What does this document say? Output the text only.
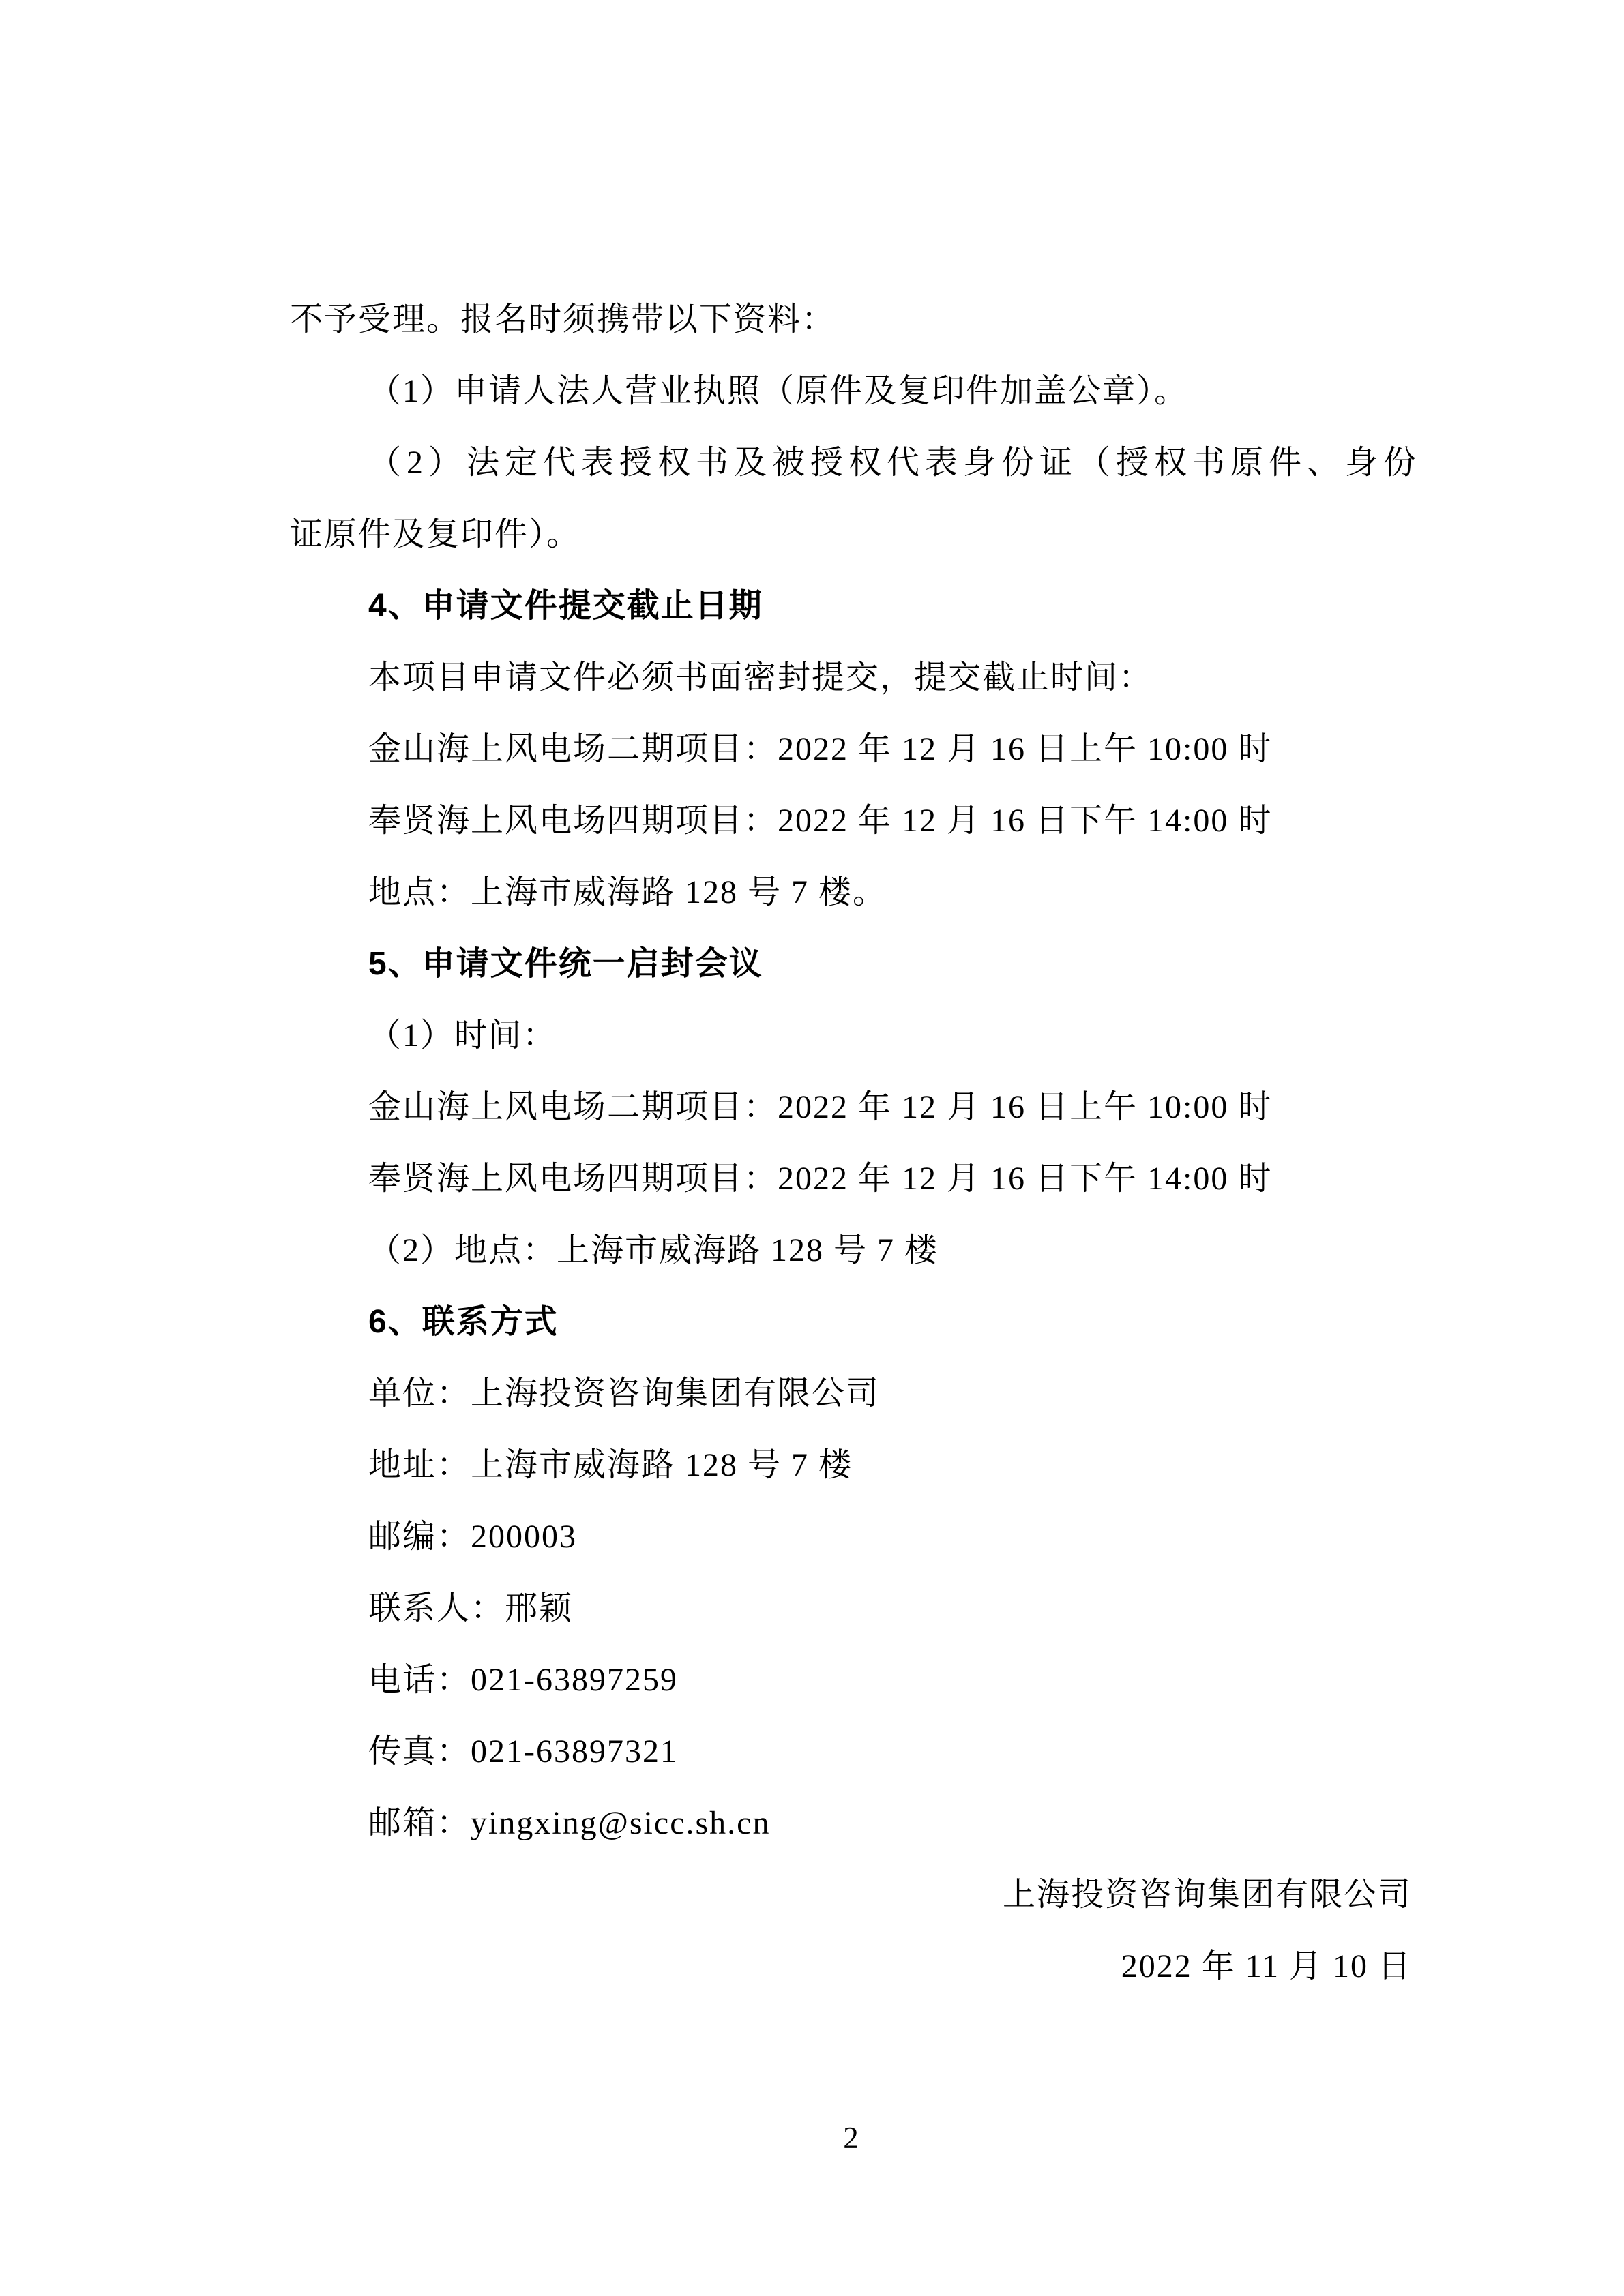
不予受理。报名时须携带以下资料：
（1）申请人法人营业执照（原件及复印件加盖公章）。
（2）法定代表授权书及被授权代表身份证（授权书原件、身份
证原件及复印件）。
4、申请文件提交截止日期
本项目申请文件必须书面密封提交，提交截止时间：
金山海上风电场二期项目：2022 年 12 月 16 日上午 10:00 时
奉贤海上风电场四期项目：2022 年 12 月 16 日下午 14:00 时
地点：上海市威海路 128 号 7 楼。
5、申请文件统一启封会议
（1）时间：
金山海上风电场二期项目：2022 年 12 月 16 日上午 10:00 时
奉贤海上风电场四期项目：2022 年 12 月 16 日下午 14:00 时
（2）地点：上海市威海路 128 号 7 楼
6、联系方式
单位：上海投资咨询集团有限公司
地址：上海市威海路 128 号 7 楼
邮编：200003
联系人：邢颖
电话：021-63897259
传真：021-63897321
邮箱：yingxing@sicc.sh.cn
上海投资咨询集团有限公司
2022 年 11 月 10 日
2
